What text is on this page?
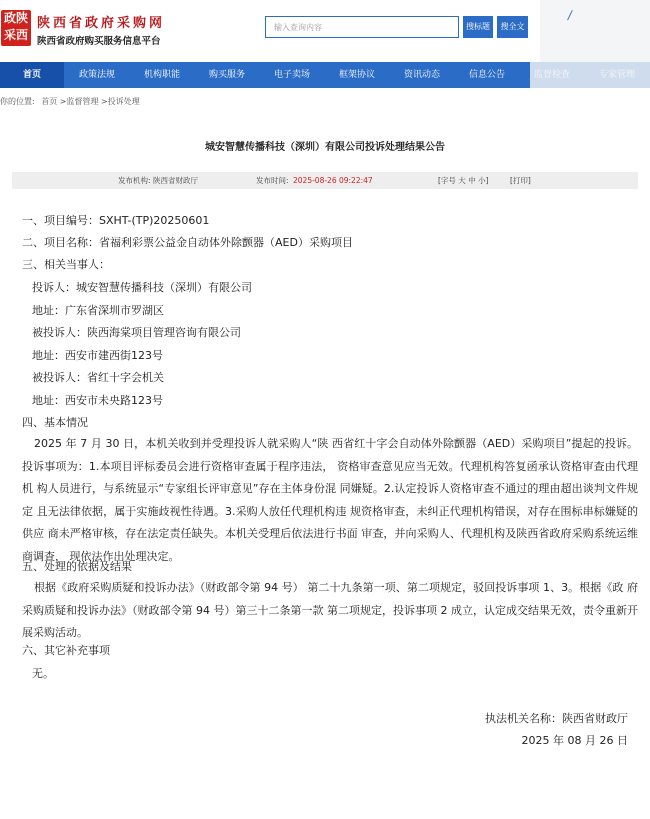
政陕
采西
陕西省政府采购网
陕西省政府购买服务信息平台
输入查询内容
搜标题	搜全文
/
首页	政策法规	机构职能	购买服务	电子卖场	框架协议	资讯动态	信息公告
你的位置: 首页 >监督管理 >投诉处理
城安智慧传播科技（深圳）有限公司投诉处理结果公告
发布机构: 陕西省财政厅	发布时间: 2025-08-26 09:22:47	[字号 大 中 小]	[打印]
一、项目编号：SXHT-(TP)20250601
二、项目名称：省福利彩票公益金自动体外除颤器（AED）采购项目
三、相关当事人：
投诉人：城安智慧传播科技（深圳）有限公司
地址：广东省深圳市罗湖区
被投诉人：陕西海棠项目管理咨询有限公司
地址：西安市建西街123号
被投诉人：省红十字会机关
地址：西安市未央路123号
四、基本情况
2025 年 7 月 30 日，本机关收到并受理投诉人就采购人“陕 西省红十字会自动体外除颤器（AED）采购项目”提起的投诉。 投诉事项为：1.本项目评标委员会进行资格审查属于程序违法， 资格审查意见应当无效。代理机构答复函承认资格审查由代理机 构人员进行，与系统显示“专家组长评审意见”存在主体身份混 同嫌疑。2.认定投诉人资格审查不通过的理由超出谈判文件规定 且无法律依据，属于实施歧视性待遇。3.采购人放任代理机构违 规资格审查，未纠正代理机构错误，对存在围标串标嫌疑的供应 商未严格审核，存在法定责任缺失。本机关受理后依法进行书面 审查，并向采购人、代理机构及陕西省政府采购系统运维商调查， 现依法作出处理决定。
五、处理的依据及结果
根据《政府采购质疑和投诉办法》（财政部令第 94 号） 第二十九条第一项、第二项规定，驳回投诉事项 1、3。根据《政 府采购质疑和投诉办法》（财政部令第 94 号）第三十二条第一款 第二项规定，投诉事项 2 成立，认定成交结果无效，责令重新开 展采购活动。
六、其它补充事项
无。
执法机关名称：陕西省财政厅
2025 年 08 月 26 日
